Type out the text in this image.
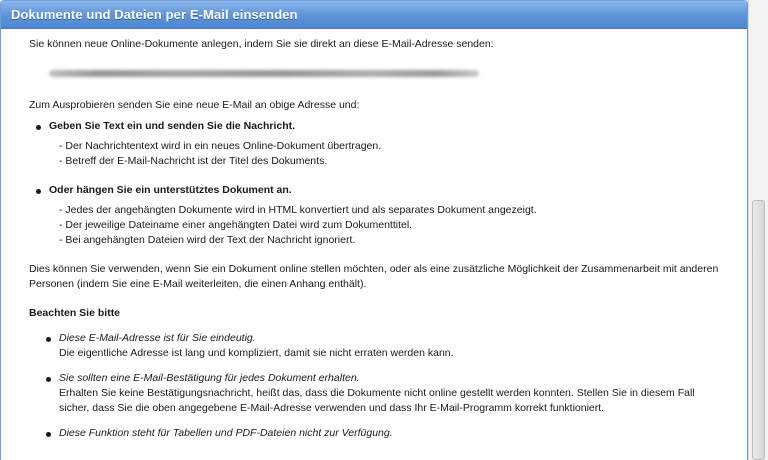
Dokumente und Dateien per E-Mail einsenden

Sie können neue Online-Dokumente anlegen, indem Sie sie direkt an diese E-Mail-Adresse senden:

Zum Ausprobieren senden Sie eine neue E-Mail an obige Adresse und:

Geben Sie Text ein und senden Sie die Nachricht.

- Der Nachrichtentext wird in ein neues Online-Dokument übertragen.

- Betreff der E-Mail-Nachricht ist der Titel des Dokuments.

Oder hängen Sie ein unterstütztes Dokument an.

- Jedes der angehängten Dokumente wird in HTML konvertiert und als separates Dokument angezeigt.

- Der jeweilige Dateiname einer angehängten Datei wird zum Dokumenttitel.

- Bei angehängten Dateien wird der Text der Nachricht ignoriert.

Dies können Sie verwenden, wenn Sie ein Dokument online stellen möchten, oder als eine zusätzliche Möglichkeit der Zusammenarbeit mit anderen

Personen (indem Sie eine E-Mail weiterleiten, die einen Anhang enthält).

Beachten Sie bitte

Diese E-Mail-Adresse ist für Sie eindeutig.
Die eigentliche Adresse ist lang und kompliziert, damit sie nicht erraten werden kann.
Sie sollten eine E-Mail-Bestätigung für jedes Dokument erhalten.
Erhalten Sie keine Bestätigungsnachricht, heißt das, dass die Dokumente nicht online gestellt werden konnten. Stellen Sie in diesem Fall
sicher, dass Sie die oben angegebene E-Mail-Adresse verwenden und dass Ihr E-Mail-Programm korrekt funktioniert.
Diese Funktion steht für Tabellen und PDF-Dateien nicht zur Verfügung.
